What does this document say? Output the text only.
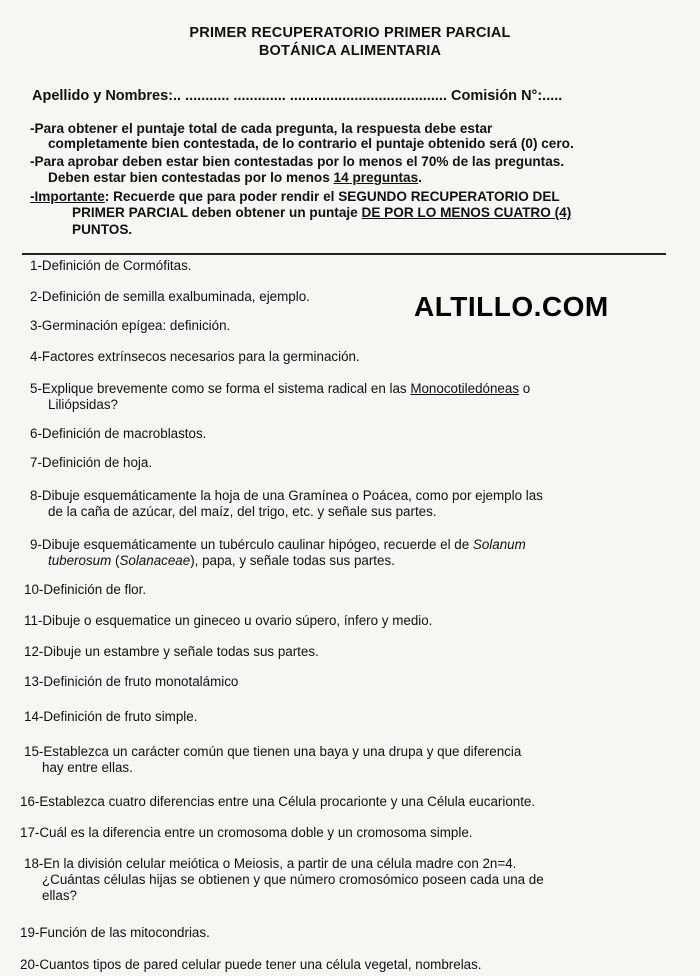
PRIMER RECUPERATORIO PRIMER PARCIAL
BOTÁNICA ALIMENTARIA
Apellido y Nombres:.. ........... ............. ....................................... Comisión N°:.....
-Para obtener el puntaje total de cada pregunta, la respuesta debe estar
completamente bien contestada, de lo contrario el puntaje obtenido será (0) cero.
-Para aprobar deben estar bien contestadas por lo menos el 70% de las preguntas.
Deben estar bien contestadas por lo menos 14 preguntas.
-Importante: Recuerde que para poder rendir el SEGUNDO RECUPERATORIO DEL
PRIMER PARCIAL deben obtener un puntaje DE POR LO MENOS CUATRO (4)
PUNTOS.
ALTILLO.COM
1-Definición de Cormófitas.
2-Definición de semilla exalbuminada, ejemplo.
3-Germinación epígea: definición.
4-Factores extrínsecos necesarios para la germinación.
5-Explique brevemente como se forma el sistema radical en las Monocotiledóneas o
Liliópsidas?
6-Definición de macroblastos.
7-Definición de hoja.
8-Dibuje esquemáticamente la hoja de una Gramínea o Poácea, como por ejemplo las
de la caña de azúcar, del maíz, del trigo, etc. y señale sus partes.
9-Dibuje esquemáticamente un tubérculo caulinar hipógeo, recuerde el de Solanum
tuberosum (Solanaceae), papa, y señale todas sus partes.
10-Definición de flor.
11-Dibuje o esquematice un gineceo u ovario súpero, ínfero y medio.
12-Dibuje un estambre y señale todas sus partes.
13-Definición de fruto monotalámico
14-Definición de fruto simple.
15-Establezca un carácter común que tienen una baya y una drupa y que diferencia
hay entre ellas.
16-Establezca cuatro diferencias entre una Célula procarionte y una Célula eucarionte.
17-Cuál es la diferencia entre un cromosoma doble y un cromosoma simple.
18-En la división celular meiótica o Meiosis, a partir de una célula madre con 2n=4.
¿Cuántas células hijas se obtienen y que número cromosómico poseen cada una de
ellas?
19-Función de las mitocondrias.
20-Cuantos tipos de pared celular puede tener una célula vegetal, nombrelas.
